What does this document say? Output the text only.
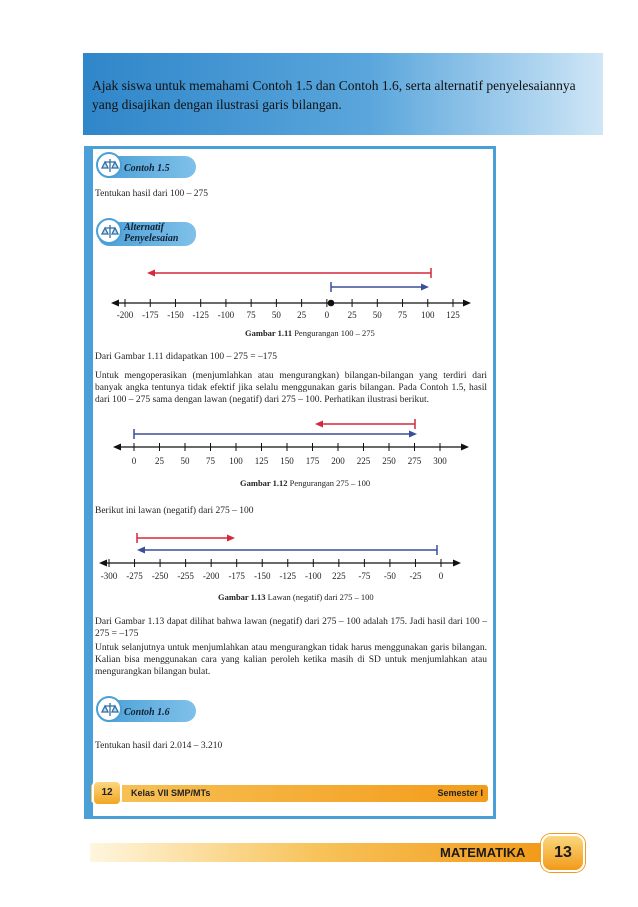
Ajak siswa untuk memahami Contoh 1.5 dan Contoh 1.6, serta alternatif penyelesaiannya yang disajikan dengan ilustrasi garis bilangan.
Contoh 1.5
Tentukan hasil dari 100 – 275
Alternatif
Penyelesaian
-200 -175 -150 -125 -100 75 50 25 0 25 50 75 100 125
Gambar 1.11 Pengurangan 100 – 275
Dari Gambar 1.11 didapatkan 100 – 275 = –175
Untuk mengoperasikan (menjumlahkan atau mengurangkan) bilangan-bilangan yang terdiri dari banyak angka tentunya tidak efektif jika selalu menggunakan garis bilangan. Pada Contoh 1.5, hasil dari 100 – 275 sama dengan lawan (negatif) dari 275 – 100. Perhatikan ilustrasi berikut.
0 25 50 75 100 125 150 175 200 225 250 275 300
Gambar 1.12 Pengurangan 275 – 100
Berikut ini lawan (negatif) dari 275 – 100
-300 -275 -250 -255 -200 -175 -150 -125 -100 225 -75 -50 -25 0
Gambar 1.13 Lawan (negatif) dari 275 – 100
Dari Gambar 1.13 dapat dilihat bahwa lawan (negatif) dari 275 – 100 adalah 175. Jadi hasil dari 100 – 275 = –175
Untuk selanjutnya untuk menjumlahkan atau mengurangkan tidak harus menggunakan garis bilangan. Kalian bisa menggunakan cara yang kalian peroleh ketika masih di SD untuk menjumlahkan atau mengurangkan bilangan bulat.
Contoh 1.6
Tentukan hasil dari 2.014 – 3.210
12	Kelas VII SMP/MTs	Semester I
MATEMATIKA	13
